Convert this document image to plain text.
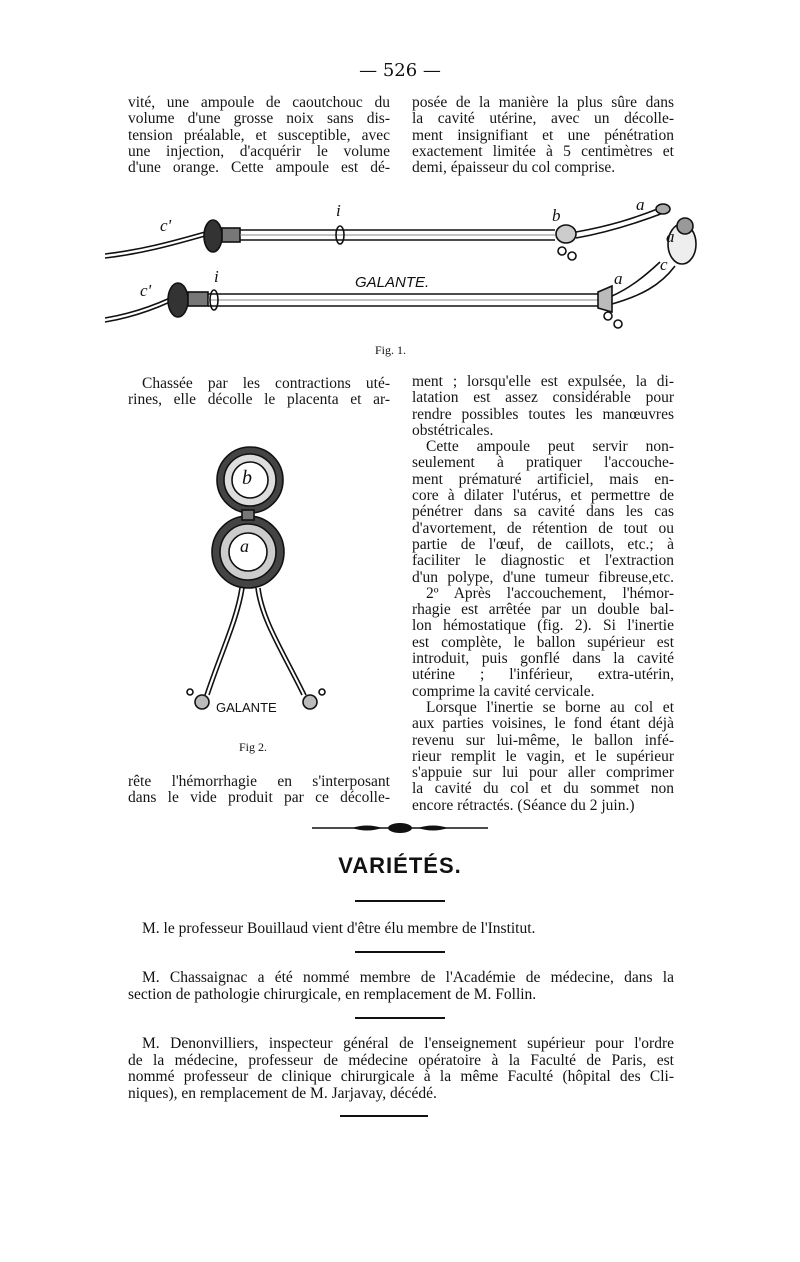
— 526 —

vité, une ampoule de caoutchouc du

volume d'une grosse noix sans dis-

tension préalable, et susceptible, avec

une injection, d'acquérir le volume

d'une orange. Cette ampoule est dé-

posée de la manière la plus sûre dans

la cavité utérine, avec un décolle-

ment insignifiant et une pénétration

exactement limitée à 5 centimètres et

demi, épaisseur du col comprise.

c'
i	b
a
c'
i	a
a
c
GALANTE.
Fig. 1.

Chassée par les contractions uté-

rines, elle décolle le placenta et ar-

b
a
GALANTE
Fig 2.

rête l'hémorrhagie en s'interposant

dans le vide produit par ce décolle-

ment ; lorsqu'elle est expulsée, la di-

latation est assez considérable pour

rendre possibles toutes les manœuvres

obstétricales.

Cette ampoule peut servir non-

seulement à pratiquer l'accouche-

ment prématuré artificiel, mais en-

core à dilater l'utérus, et permettre de

pénétrer dans sa cavité dans les cas

d'avortement, de rétention de tout ou

partie de l'œuf, de caillots, etc.; à

faciliter le diagnostic et l'extraction

d'un polype, d'une tumeur fibreuse,etc.

2º Après l'accouchement, l'hémor-

rhagie est arrêtée par un double bal-

lon hémostatique (fig. 2). Si l'inertie

est complète, le ballon supérieur est

introduit, puis gonflé dans la cavité

utérine ; l'inférieur, extra-utérin,

comprime la cavité cervicale.

Lorsque l'inertie se borne au col et

aux parties voisines, le fond étant déjà

revenu sur lui-même, le ballon infé-

rieur remplit le vagin, et le supérieur

s'appuie sur lui pour aller comprimer

la cavité du col et du sommet non

encore rétractés. (Séance du 2 juin.)

VARIÉTÉS.
M. le professeur Bouillaud vient d'être élu membre de l'Institut.
M. Chassaignac a été nommé membre de l'Académie de médecine, dans la
section de pathologie chirurgicale, en remplacement de M. Follin.
M. Denonvilliers, inspecteur général de l'enseignement supérieur pour l'ordre
de la médecine, professeur de médecine opératoire à la Faculté de Paris, est
nommé professeur de clinique chirurgicale à la même Faculté (hôpital des Cli-
niques), en remplacement de M. Jarjavay, décédé.
